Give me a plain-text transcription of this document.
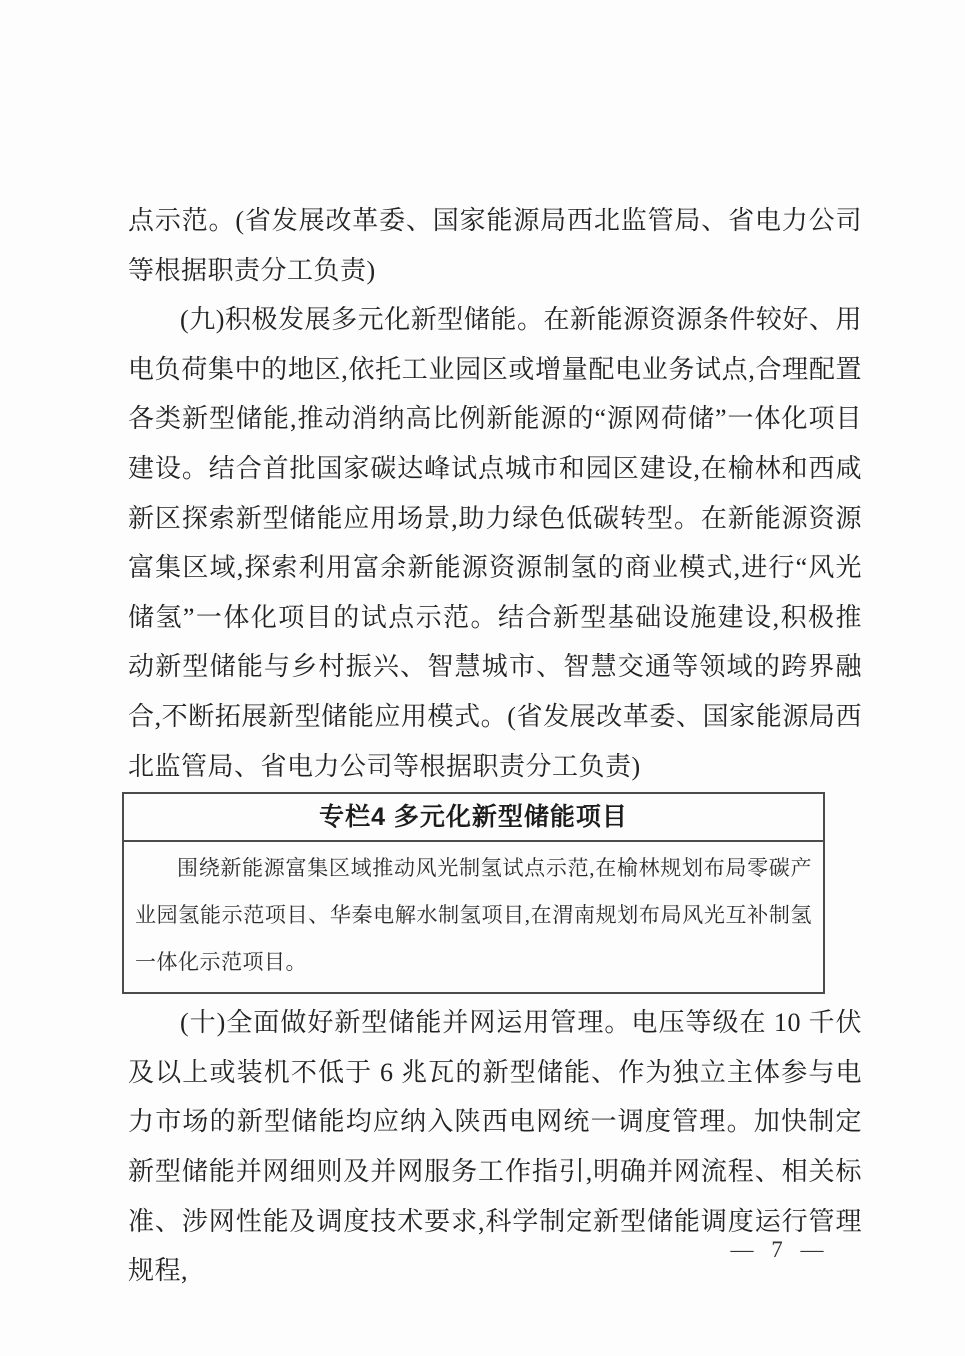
点示范。(省发展改革委、国家能源局西北监管局、省电力公司等根据职责分工负责)

(九)积极发展多元化新型储能。在新能源资源条件较好、用电负荷集中的地区,依托工业园区或增量配电业务试点,合理配置各类新型储能,推动消纳高比例新能源的“源网荷储”一体化项目建设。结合首批国家碳达峰试点城市和园区建设,在榆林和西咸新区探索新型储能应用场景,助力绿色低碳转型。在新能源资源富集区域,探索利用富余新能源资源制氢的商业模式,进行“风光储氢”一体化项目的试点示范。结合新型基础设施建设,积极推动新型储能与乡村振兴、智慧城市、智慧交通等领域的跨界融合,不断拓展新型储能应用模式。(省发展改革委、国家能源局西北监管局、省电力公司等根据职责分工负责)

专栏4 多元化新型储能项目
围绕新能源富集区域推动风光制氢试点示范,在榆林规划布局零碳产业园氢能示范项目、华秦电解水制氢项目,在渭南规划布局风光互补制氢一体化示范项目。

(十)全面做好新型储能并网运用管理。电压等级在 10 千伏及以上或装机不低于 6 兆瓦的新型储能、作为独立主体参与电力市场的新型储能均应纳入陕西电网统一调度管理。加快制定新型储能并网细则及并网服务工作指引,明确并网流程、相关标准、涉网性能及调度技术要求,科学制定新型储能调度运行管理规程,

— 7 —
